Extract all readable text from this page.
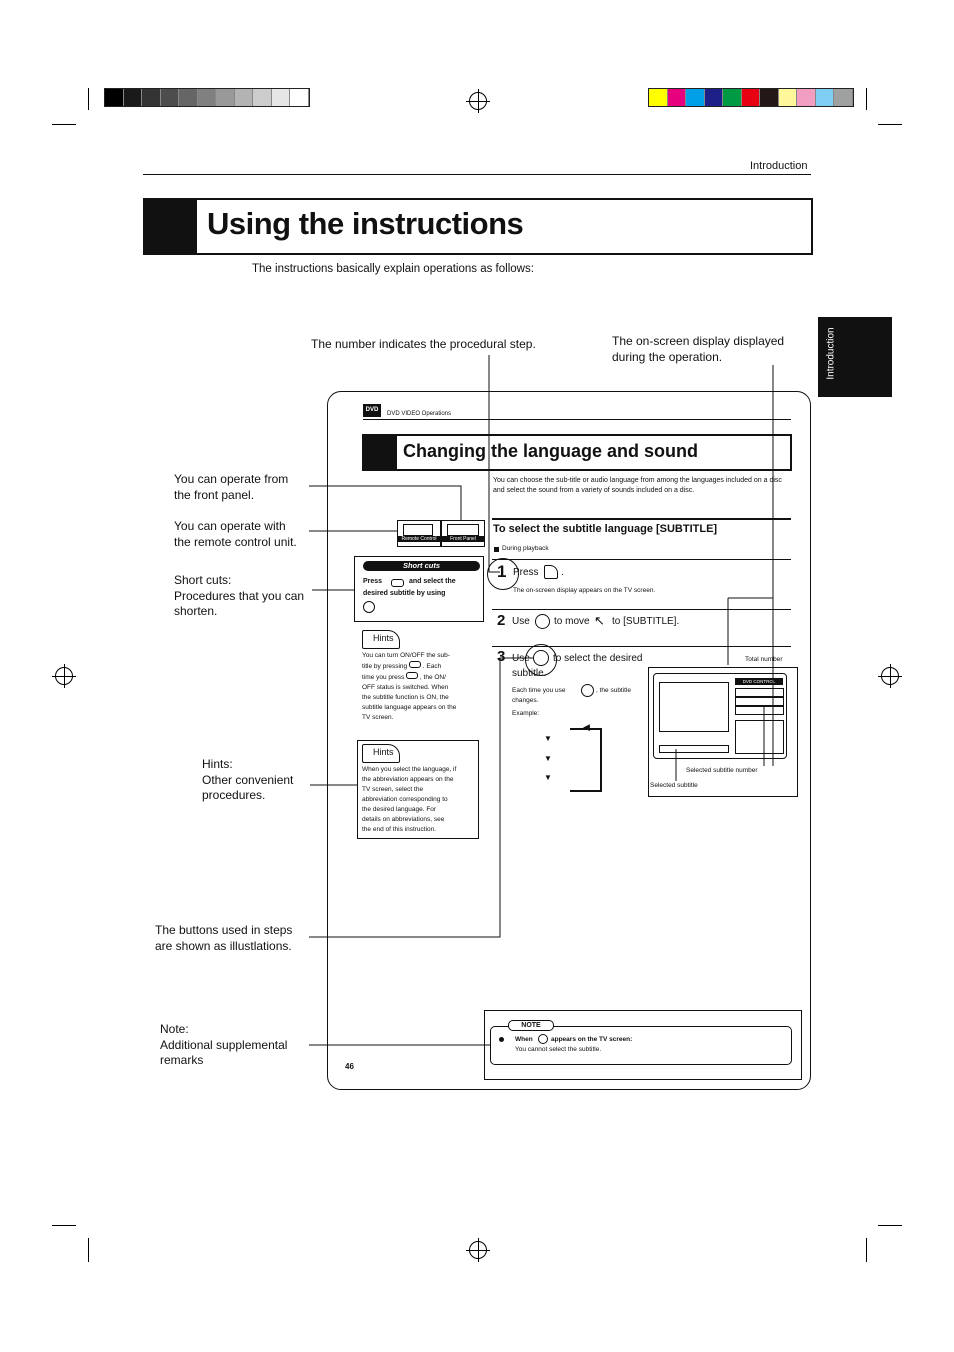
Introduction
Using the instructions
The instructions basically explain operations as follows:
Introduction
The number indicates the procedural step.	The on-screen display displayed
during the operation.
You can operate from
the front panel.
You can operate with
the remote control unit.
Short cuts:
Procedures that you can
shorten.
Hints:
Other convenient
procedures.
The buttons used in steps
are shown as illustlations.
Note:
Additional supplemental
remarks
DVD
DVD VIDEO Operations
Changing the language and sound
You can choose the sub-title or audio language from among the languages included on a disc and select the sound from a variety of sounds included on a disc.
Remote Control	Front Panel
To select the subtitle language [SUBTITLE]
During playback
1 Press .
The on-screen display appears on the TV screen.
2 Use to move ↖ to [SUBTITLE].
3 Use to select the desired
subtitle.
Each time you use	, the subtitle
changes.
Example:
▼
▼
▼
◀
Total number
DVD CONTROL
Selected subtitle number
Selected subtitle
Short cuts
Press	and select the
desired subtitle by using
Hints
You can turn ON/OFF the sub-
title by pressing . Each
time you press , the ON/
OFF status is switched. When
the subtitle function is ON, the
subtitle language appears on the
TV screen.
Hints
When you select the language, if
the abbreviation appears on the
TV screen, select the
abbreviation corresponding to
the desired language. For
details on abbreviations, see
the end of this instruction.
NOTE
When	appears on the TV screen:
You cannot select the subtitle.
46
